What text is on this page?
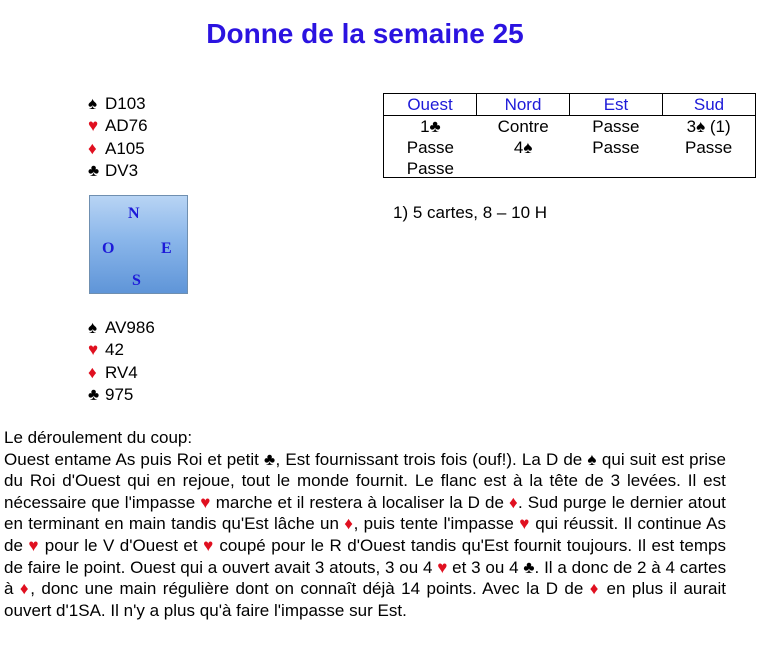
Donne de la semaine 25
♠ D103
♥ AD76
♦ A105
♣ DV3
N
O	E
S
♠ AV986
♥ 42
♦ RV4
♣ 975
Ouest	Nord	Est	Sud
1♣	Contre	Passe	3♠ (1)
Passe	4♠	Passe	Passe
Passe
1) 5 cartes, 8 – 10 H

Le déroulement du coup:

Ouest entame As puis Roi et petit ♣, Est fournissant trois fois (ouf!). La D de ♠ qui suit est prise du Roi d'Ouest qui en rejoue, tout le monde fournit. Le flanc est à la tête de 3 levées. Il est nécessaire que l'impasse ♥ marche et il restera à localiser la D de ♦. Sud purge le dernier atout en terminant en main tandis qu'Est lâche un ♦, puis tente l'impasse ♥ qui réussit. Il continue As de ♥ pour le V d'Ouest et ♥ coupé pour le R d'Ouest tandis qu'Est fournit toujours. Il est temps de faire le point. Ouest qui a ouvert avait 3 atouts, 3 ou 4 ♥ et 3 ou 4 ♣. Il a donc de 2 à 4 cartes à ♦, donc une main régulière dont on connaît déjà 14 points. Avec la D de ♦ en plus il aurait ouvert d'1SA. Il n'y a plus qu'à faire l'impasse sur Est.
